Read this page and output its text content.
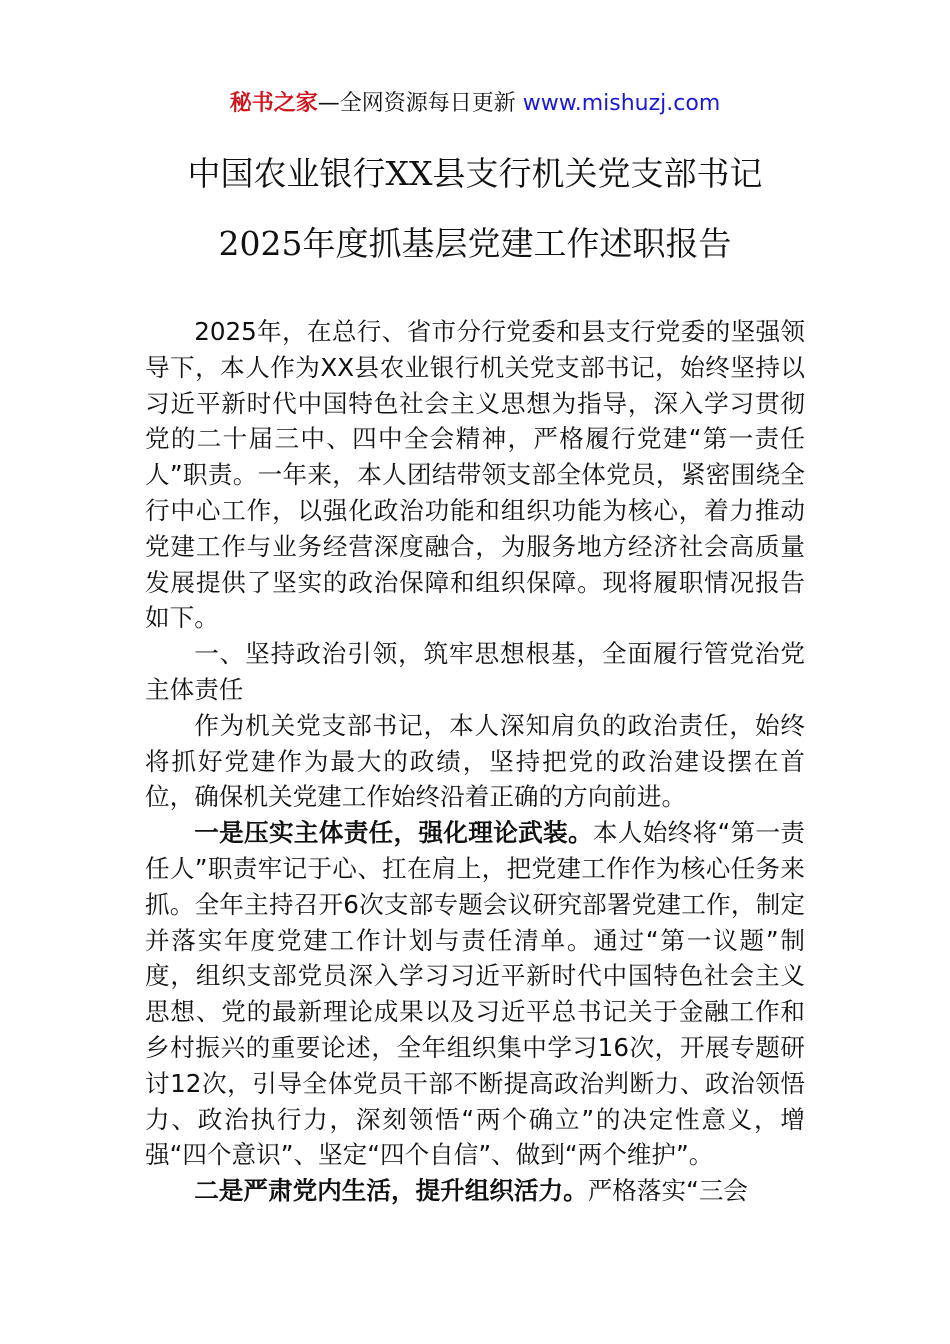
秘书之家—全网资源每日更新 www.mishuzj.com
中国农业银行XX县支行机关党支部书记
2025年度抓基层党建工作述职报告

2025年，在总行、省市分行党委和县支行党委的坚强领导下，本人作为XX县农业银行机关党支部书记，始终坚持以习近平新时代中国特色社会主义思想为指导，深入学习贯彻党的二十届三中、四中全会精神，严格履行党建“第一责任人”职责。一年来，本人团结带领支部全体党员，紧密围绕全行中心工作，以强化政治功能和组织功能为核心，着力推动党建工作与业务经营深度融合，为服务地方经济社会高质量发展提供了坚实的政治保障和组织保障。现将履职情况报告如下。

一、坚持政治引领，筑牢思想根基，全面履行管党治党主体责任

作为机关党支部书记，本人深知肩负的政治责任，始终将抓好党建作为最大的政绩，坚持把党的政治建设摆在首位，确保机关党建工作始终沿着正确的方向前进。

一是压实主体责任，强化理论武装。本人始终将“第一责任人”职责牢记于心、扛在肩上，把党建工作作为核心任务来抓。全年主持召开6次支部专题会议研究部署党建工作，制定并落实年度党建工作计划与责任清单。通过“第一议题”制度，组织支部党员深入学习习近平新时代中国特色社会主义思想、党的最新理论成果以及习近平总书记关于金融工作和乡村振兴的重要论述，全年组织集中学习16次，开展专题研讨12次，引导全体党员干部不断提高政治判断力、政治领悟力、政治执行力，深刻领悟“两个确立”的决定性意义，增强“四个意识”、坚定“四个自信”、做到“两个维护”。

二是严肃党内生活，提升组织活力。严格落实“三会
